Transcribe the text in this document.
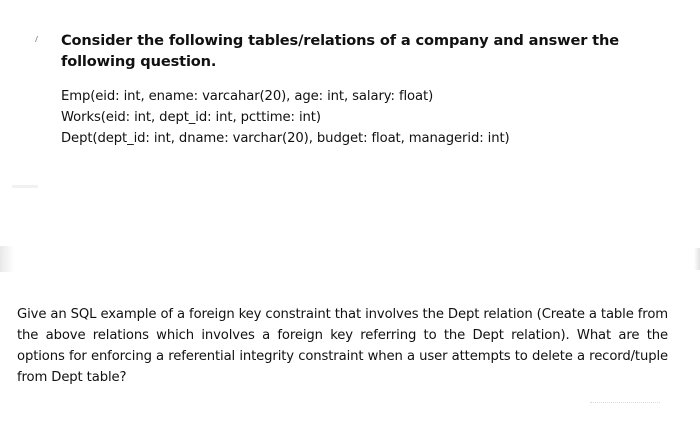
Consider the following tables/relations of a company and answer the following question.
Emp(eid: int, ename: varcahar(20), age: int, salary: float)
Works(eid: int, dept_id: int, pcttime: int)
Dept(dept_id: int, dname: varchar(20), budget: float, managerid: int)
Give an SQL example of a foreign key constraint that involves the Dept relation (Create a table from the above relations which involves a foreign key referring to the Dept relation). What are the options for enforcing a referential integrity constraint when a user attempts to delete a record/tuple from Dept table?
